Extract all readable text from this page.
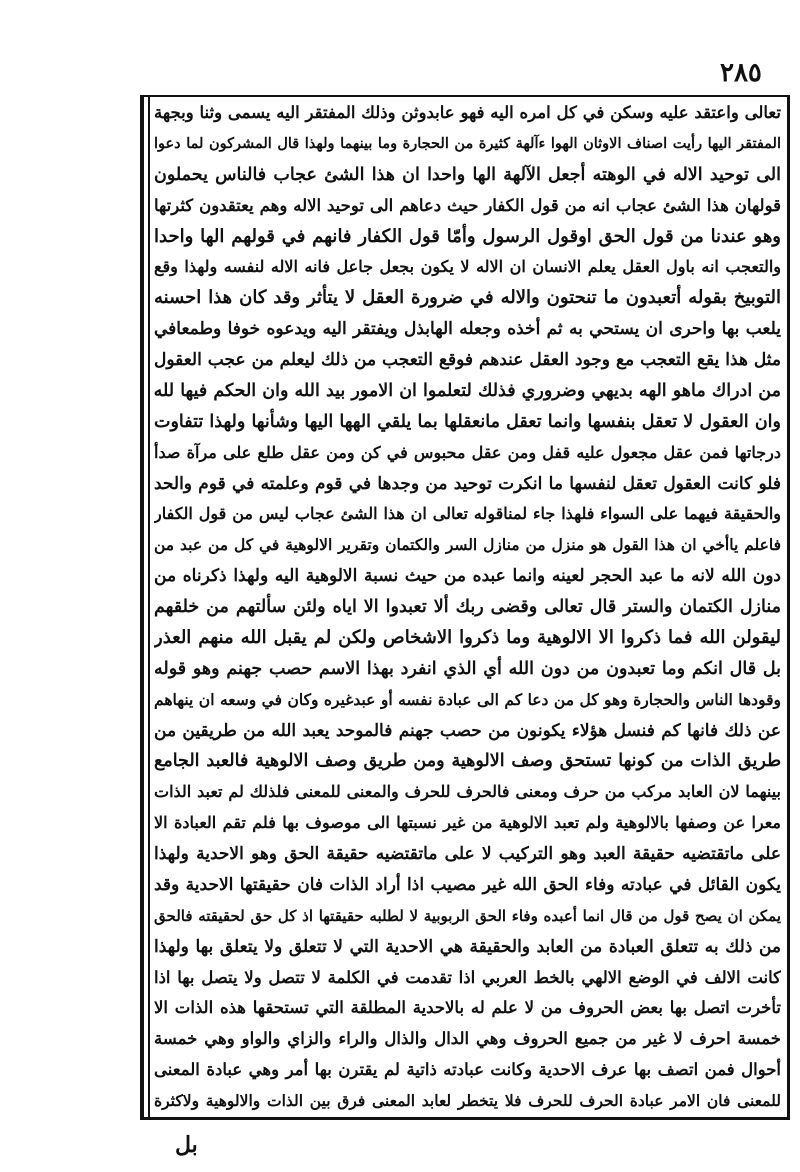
٢٨٥
تعالى واعتقد عليه وسكن في كل امره اليه فهو عابدوثن وذلك المفتقر اليه يسمى وثنا وبجهة
المفتقر اليها رأيت اصناف الاوثان الهوا ءآلهة كثيرة من الحجارة وما بينهما ولهذا قال المشركون لما دعوا
الى توحيد الاله في الوهته أجعل الآلهة الها واحدا ان هذا الشئ عجاب فالناس يحملون
قولهان هذا الشئ عجاب انه من قول الكفار حيث دعاهم الى توحيد الاله وهم يعتقدون كثرتها
وهو عندنا من قول الحق اوقول الرسول وأمّا قول الكفار فانهم في قولهم الها واحدا
والتعجب انه باول العقل يعلم الانسان ان الاله لا يكون بجعل جاعل فانه الاله لنفسه ولهذا وقع
التوبيخ بقوله أتعبدون ما تنحتون والاله في ضرورة العقل لا يتأثر وقد كان هذا احسنه
يلعب بها واحرى ان يستحي به ثم أخذه وجعله الهابذل ويفتقر اليه ويدعوه خوفا وطمعافي
مثل هذا يقع التعجب مع وجود العقل عندهم فوقع التعجب من ذلك ليعلم من عجب العقول
من ادراك ماهو الهه بديهي وضروري فذلك لتعلموا ان الامور بيد الله وان الحكم فيها لله
وان العقول لا تعقل بنفسها وانما تعقل مانعقلها بما يلقي الهها اليها وشأنها ولهذا تتفاوت
درجاتها فمن عقل مجعول عليه قفل ومن عقل محبوس في كن ومن عقل طلع على مرآة صدأ
فلو كانت العقول تعقل لنفسها ما انكرت توحيد من وجدها في قوم وعلمته في قوم والحد
والحقيقة فيهما على السواء فلهذا جاء لمناقوله تعالى ان هذا الشئ عجاب ليس من قول الكفار
فاعلم ياأخي ان هذا القول هو منزل من منازل السر والكتمان وتقرير الالوهية في كل من عبد من
دون الله لانه ما عبد الحجر لعينه وانما عبده من حيث نسبة الالوهية اليه ولهذا ذكرناه من
منازل الكتمان والستر قال تعالى وقضى ربك ألا تعبدوا الا اياه ولئن سألتهم من خلقهم
ليقولن الله فما ذكروا الا الالوهية وما ذكروا الاشخاص ولكن لم يقبل الله منهم العذر
بل قال انكم وما تعبدون من دون الله أي الذي انفرد بهذا الاسم حصب جهنم وهو قوله
وقودها الناس والحجارة وهو كل من دعا كم الى عبادة نفسه أو عبدغيره وكان في وسعه ان ينهاهم
عن ذلك فانها كم فنسل هؤلاء يكونون من حصب جهنم فالموحد يعبد الله من طريقين من
طريق الذات من كونها تستحق وصف الالوهية ومن طريق وصف الالوهية فالعبد الجامع
بينهما لان العابد مركب من حرف ومعنى فالحرف للحرف والمعنى للمعنى فلذلك لم تعبد الذات
معرا عن وصفها بالالوهية ولم تعبد الالوهية من غير نسبتها الى موصوف بها فلم تقم العبادة الا
على ماتقتضيه حقيقة العبد وهو التركيب لا على ماتقتضيه حقيقة الحق وهو الاحدية ولهذا
يكون القائل في عبادته وفاء الحق الله غير مصيب اذا أراد الذات فان حقيقتها الاحدية وقد
يمكن ان يصح قول من قال انما أعبده وفاء الحق الربوبية لا لطلبه حقيقتها اذ كل حق لحقيقته فالحق
من ذلك به تتعلق العبادة من العابد والحقيقة هي الاحدية التي لا تتعلق ولا يتعلق بها ولهذا
كانت الالف في الوضع الالهي بالخط العربي اذا تقدمت في الكلمة لا تتصل ولا يتصل بها اذا
تأخرت اتصل بها بعض الحروف من لا علم له بالاحدية المطلقة التي تستحقها هذه الذات الا
خمسة احرف لا غير من جميع الحروف وهي الدال والذال والراء والزاي والواو وهي خمسة
أحوال فمن اتصف بها عرف الاحدية وكانت عبادته ذاتية لم يقترن بها أمر وهي عبادة المعنى
للمعنى فان الامر عبادة الحرف للحرف فلا يتخطر لعابد المعنى فرق بين الذات والالوهية ولاكثرة
بل
